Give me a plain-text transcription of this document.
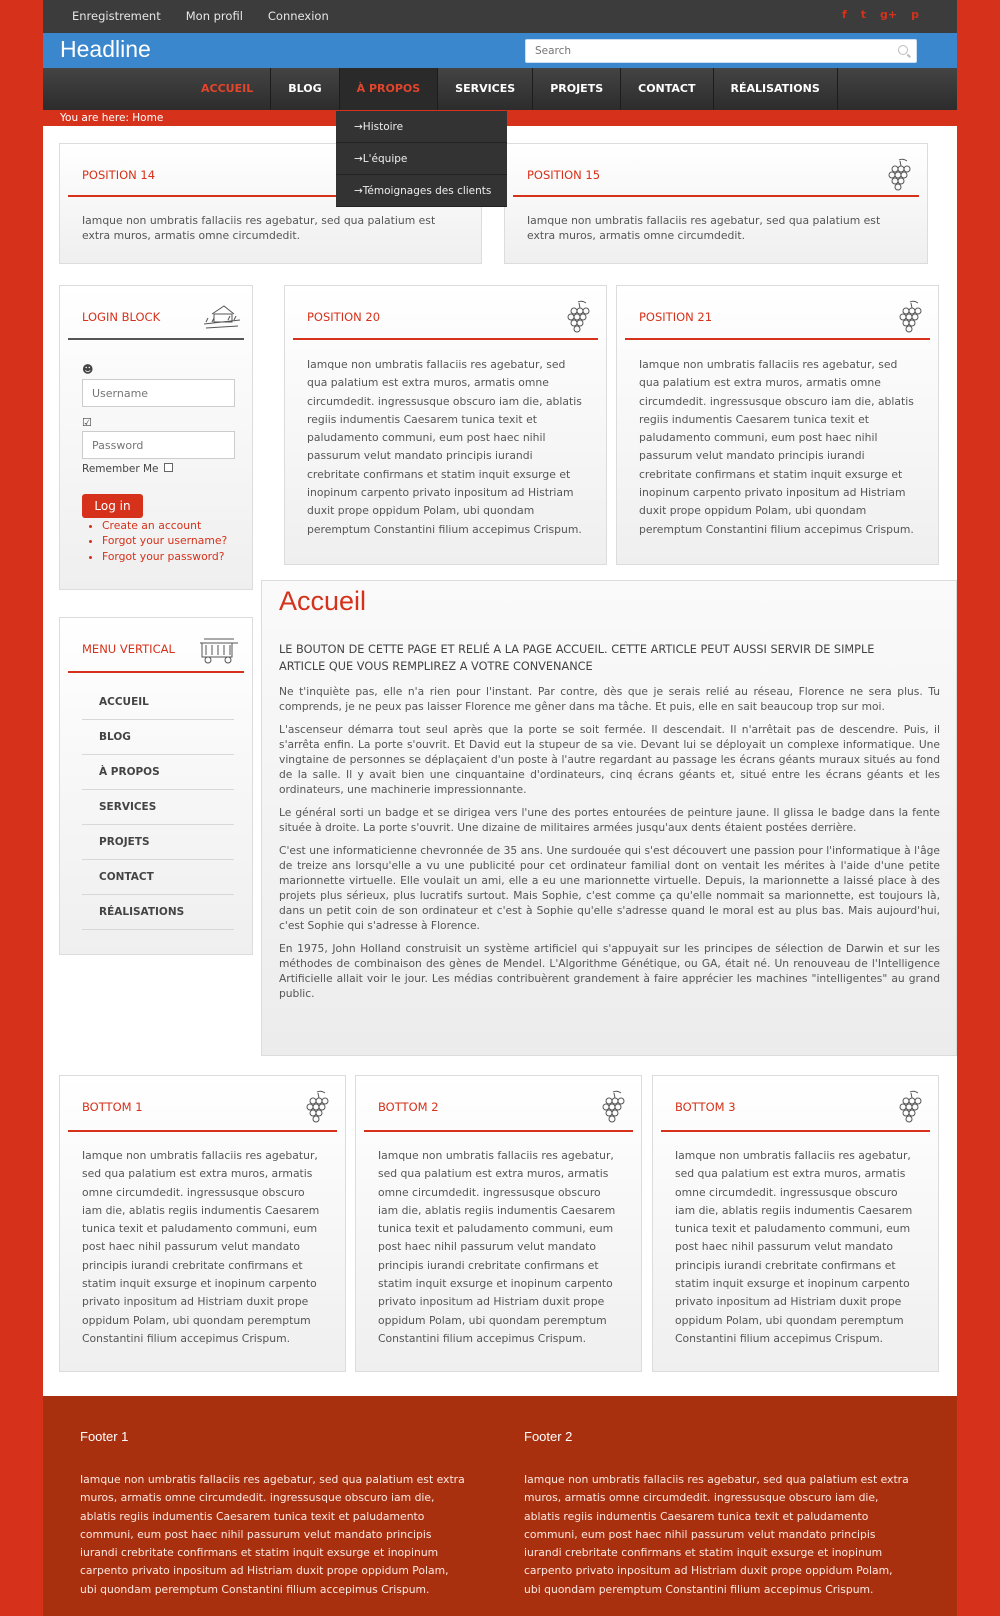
Enregistrement Mon profil Connexion	f t g+ p
Headline
Search
ACCUEIL	BLOG	À PROPOS	SERVICES	PROJETS	CONTACT	RÉALISATIONS
POSITION 14
Iamque non umbratis fallaciis res agebatur, sed qua palatium est extra muros, armatis omne circumdedit.
POSITION 15
Iamque non umbratis fallaciis res agebatur, sed qua palatium est extra muros, armatis omne circumdedit.
LOGIN BLOCK
☻
Username
☑
Remember Me
Log in
• Create an account
• Forgot your username?
• Forgot your password?
POSITION 20
Iamque non umbratis fallaciis res agebatur, sed qua palatium est extra muros, armatis omne circumdedit. ingressusque obscuro iam die, ablatis regiis indumentis Caesarem tunica texit et paludamento communi, eum post haec nihil passurum velut mandato principis iurandi crebritate confirmans et statim inquit exsurge et inopinum carpento privato inpositum ad Histriam duxit prope oppidum Polam, ubi quondam peremptum Constantini filium accepimus Crispum.
POSITION 21
Iamque non umbratis fallaciis res agebatur, sed qua palatium est extra muros, armatis omne circumdedit. ingressusque obscuro iam die, ablatis regiis indumentis Caesarem tunica texit et paludamento communi, eum post haec nihil passurum velut mandato principis iurandi crebritate confirmans et statim inquit exsurge et inopinum carpento privato inpositum ad Histriam duxit prope oppidum Polam, ubi quondam peremptum Constantini filium accepimus Crispum.
MENU VERTICAL
ACCUEIL
BLOG
À PROPOS
SERVICES
PROJETS
CONTACT
RÉALISATIONS
Accueil
LE BOUTON DE CETTE PAGE ET RELIÉ A LA PAGE ACCUEIL. CETTE ARTICLE PEUT AUSSI SERVIR DE SIMPLE ARTICLE QUE VOUS REMPLIREZ A VOTRE CONVENANCE

Ne t'inquiète pas, elle n'a rien pour l'instant. Par contre, dès que je serais relié au réseau, Florence ne sera plus. Tu comprends, je ne peux pas laisser Florence me gêner dans ma tâche. Et puis, elle en sait beaucoup trop sur moi.

L'ascenseur démarra tout seul après que la porte se soit fermée. Il descendait. Il n'arrêtait pas de descendre. Puis, il s'arrêta enfin. La porte s'ouvrit. Et David eut la stupeur de sa vie. Devant lui se déployait un complexe informatique. Une vingtaine de personnes se déplaçaient d'un poste à l'autre regardant au passage les écrans géants muraux situés au fond de la salle. Il y avait bien une cinquantaine d'ordinateurs, cinq écrans géants et, situé entre les écrans géants et les ordinateurs, une machinerie impressionnante.

Le général sorti un badge et se dirigea vers l'une des portes entourées de peinture jaune. Il glissa le badge dans la fente située à droite. La porte s'ouvrit. Une dizaine de militaires armées jusqu'aux dents étaient postées derrière.

C'est une informaticienne chevronnée de 35 ans. Une surdouée qui s'est découvert une passion pour l'informatique à l'âge de treize ans lorsqu'elle a vu une publicité pour cet ordinateur familial dont on ventait les mérites à l'aide d'une petite marionnette virtuelle. Elle voulait un ami, elle a eu une marionnette virtuelle. Depuis, la marionnette a laissé place à des projets plus sérieux, plus lucratifs surtout. Mais Sophie, c'est comme ça qu'elle nommait sa marionnette, est toujours là, dans un petit coin de son ordinateur et c'est à Sophie qu'elle s'adresse quand le moral est au plus bas. Mais aujourd'hui, c'est Sophie qui s'adresse à Florence.

En 1975, John Holland construisit un système artificiel qui s'appuyait sur les principes de sélection de Darwin et sur les méthodes de combinaison des gènes de Mendel. L'Algorithme Génétique, ou GA, était né. Un renouveau de l'Intelligence Artificielle allait voir le jour. Les médias contribuèrent grandement à faire apprécier les machines "intelligentes" au grand public.

BOTTOM 1
Iamque non umbratis fallaciis res agebatur, sed qua palatium est extra muros, armatis omne circumdedit. ingressusque obscuro iam die, ablatis regiis indumentis Caesarem tunica texit et paludamento communi, eum post haec nihil passurum velut mandato principis iurandi crebritate confirmans et statim inquit exsurge et inopinum carpento privato inpositum ad Histriam duxit prope oppidum Polam, ubi quondam peremptum Constantini filium accepimus Crispum.
BOTTOM 2
Iamque non umbratis fallaciis res agebatur, sed qua palatium est extra muros, armatis omne circumdedit. ingressusque obscuro iam die, ablatis regiis indumentis Caesarem tunica texit et paludamento communi, eum post haec nihil passurum velut mandato principis iurandi crebritate confirmans et statim inquit exsurge et inopinum carpento privato inpositum ad Histriam duxit prope oppidum Polam, ubi quondam peremptum Constantini filium accepimus Crispum.
BOTTOM 3
Iamque non umbratis fallaciis res agebatur, sed qua palatium est extra muros, armatis omne circumdedit. ingressusque obscuro iam die, ablatis regiis indumentis Caesarem tunica texit et paludamento communi, eum post haec nihil passurum velut mandato principis iurandi crebritate confirmans et statim inquit exsurge et inopinum carpento privato inpositum ad Histriam duxit prope oppidum Polam, ubi quondam peremptum Constantini filium accepimus Crispum.
You are here: Home
→Histoire
→L'équipe
→Témoignages des clients
Footer 1

Iamque non umbratis fallaciis res agebatur, sed qua palatium est extra muros, armatis omne circumdedit. ingressusque obscuro iam die, ablatis regiis indumentis Caesarem tunica texit et paludamento communi, eum post haec nihil passurum velut mandato principis iurandi crebritate confirmans et statim inquit exsurge et inopinum carpento privato inpositum ad Histriam duxit prope oppidum Polam, ubi quondam peremptum Constantini filium accepimus Crispum.

Footer 2

Iamque non umbratis fallaciis res agebatur, sed qua palatium est extra muros, armatis omne circumdedit. ingressusque obscuro iam die, ablatis regiis indumentis Caesarem tunica texit et paludamento communi, eum post haec nihil passurum velut mandato principis iurandi crebritate confirmans et statim inquit exsurge et inopinum carpento privato inpositum ad Histriam duxit prope oppidum Polam, ubi quondam peremptum Constantini filium accepimus Crispum.
